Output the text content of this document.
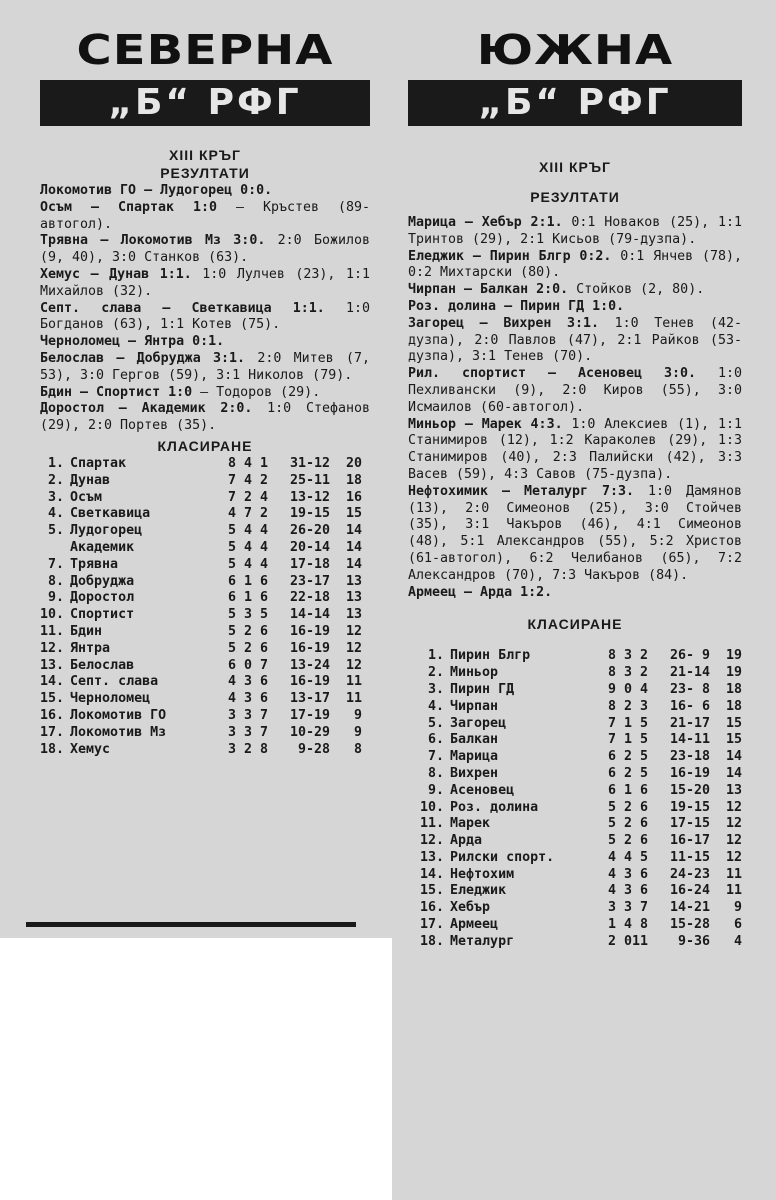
СЕВЕРНА
„Б“ РФГ
XIII КРЪГ
РЕЗУЛТАТИ

Локомотив ГО — Лудогорец 0:0.

Осъм — Спартак 1:0 — Кръстев (89-автогол).

Трявна — Локомотив Мз 3:0. 2:0 Божилов (9, 40), 3:0 Станков (63).

Хемус — Дунав 1:1. 1:0 Лулчев (23), 1:1 Михайлов (32).

Септ. слава — Светкавица 1:1. 1:0 Богданов (63), 1:1 Котев (75).

Черноломец — Янтра 0:1.

Белослав — Добруджа 3:1. 2:0 Митев (7, 53), 3:0 Гергов (59), 3:1 Николов (79).

Бдин — Спортист 1:0 — Тодоров (29).

Доростол — Академик 2:0. 1:0 Стефанов (29), 2:0 Портев (35).

КЛАСИРАНЕ
1.	Спартак	8	4	1	31-12	20
2.	Дунав	7	4	2	25-11	18
3.	Осъм	7	2	4	13-12	16
4.	Светкавица	4	7	2	19-15	15
5.	Лудогорец	5	4	4	26-20	14
	Академик	5	4	4	20-14	14
7.	Трявна	5	4	4	17-18	14
8.	Добруджа	6	1	6	23-17	13
9.	Доростол	6	1	6	22-18	13
10.	Спортист	5	3	5	14-14	13
11.	Бдин	5	2	6	16-19	12
12.	Янтра	5	2	6	16-19	12
13.	Белослав	6	0	7	13-24	12
14.	Септ. слава	4	3	6	16-19	11
15.	Черноломец	4	3	6	13-17	11
16.	Локомотив ГО	3	3	7	17-19	9
17.	Локомотив Мз	3	3	7	10-29	9
18.	Хемус	3	2	8	9-28	8
ЮЖНА
„Б“ РФГ
XIII КРЪГ
РЕЗУЛТАТИ

Марица — Хебър 2:1. 0:1 Новаков (25), 1:1 Тринтов (29), 2:1 Кисьов (79-дузпа).

Еледжик — Пирин Блгр 0:2. 0:1 Янчев (78), 0:2 Михтарски (80).

Чирпан — Балкан 2:0. Стойков (2, 80).

Роз. долина — Пирин ГД 1:0.

Загорец — Вихрен 3:1. 1:0 Тенев (42-дузпа), 2:0 Павлов (47), 2:1 Райков (53-дузпа), 3:1 Тенев (70).

Рил. спортист — Асеновец 3:0. 1:0 Пехливански (9), 2:0 Киров (55), 3:0 Исмаилов (60-автогол).

Миньор — Марек 4:3. 1:0 Алексиев (1), 1:1 Станимиров (12), 1:2 Караколев (29), 1:3 Станимиров (40), 2:3 Палийски (42), 3:3 Васев (59), 4:3 Савов (75-дузпа).

Нефтохимик — Металург 7:3. 1:0 Дамянов (13), 2:0 Симеонов (25), 3:0 Стойчев (35), 3:1 Чакъров (46), 4:1 Симеонов (48), 5:1 Александров (55), 5:2 Христов (61-автогол), 6:2 Челибанов (65), 7:2 Александров (70), 7:3 Чакъров (84).

Армеец — Арда 1:2.

КЛАСИРАНЕ
1.	Пирин Блгр	8	3	2	26- 9	19
2.	Миньор	8	3	2	21-14	19
3.	Пирин ГД	9	0	4	23- 8	18
4.	Чирпан	8	2	3	16- 6	18
5.	Загорец	7	1	5	21-17	15
6.	Балкан	7	1	5	14-11	15
7.	Марица	6	2	5	23-18	14
8.	Вихрен	6	2	5	16-19	14
9.	Асеновец	6	1	6	15-20	13
10.	Роз. долина	5	2	6	19-15	12
11.	Марек	5	2	6	17-15	12
12.	Арда	5	2	6	16-17	12
13.	Рилски спорт.	4	4	5	11-15	12
14.	Нефтохим	4	3	6	24-23	11
15.	Еледжик	4	3	6	16-24	11
16.	Хебър	3	3	7	14-21	9
17.	Армеец	1	4	8	15-28	6
18.	Металург	2	0	11	9-36	4
